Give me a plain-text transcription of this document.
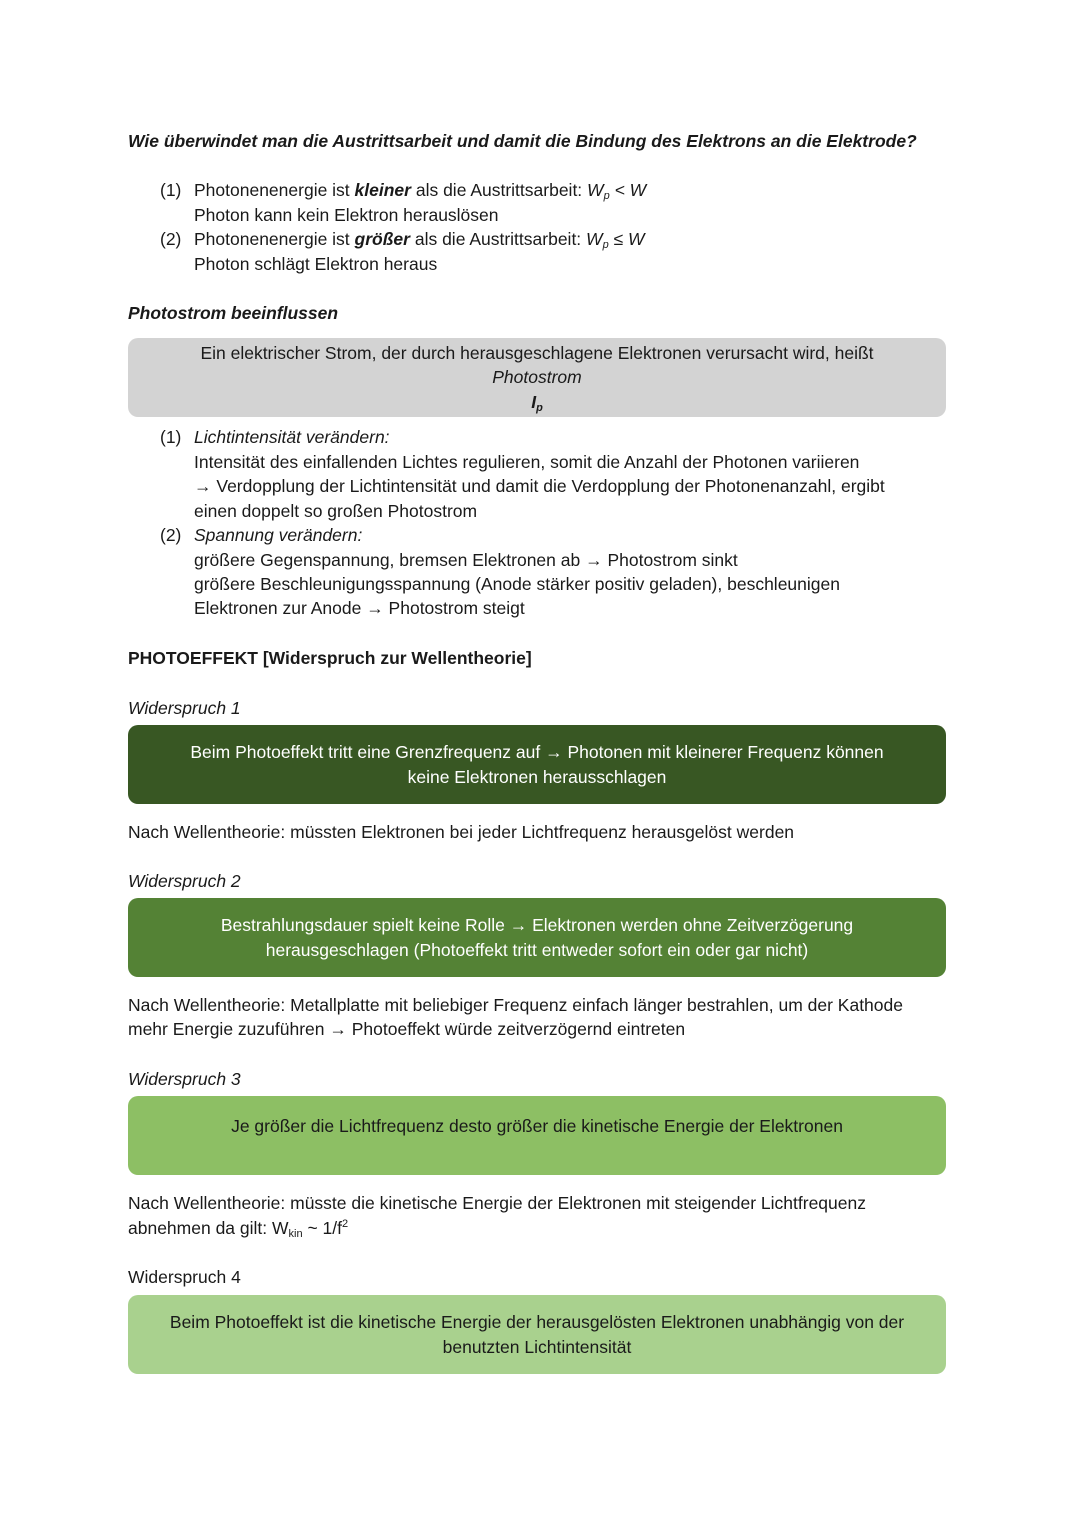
Wie überwindet man die Austrittsarbeit und damit die Bindung des Elektrons an die Elektrode?
(1) Photonenenergie ist kleiner als die Austrittsarbeit: $W_p < W$
Photon kann kein Elektron herauslösen
(2) Photonenenergie ist größer als die Austrittsarbeit: $W_p \le W$
Photon schlägt Elektron heraus
Photostrom beeinflussen
Ein elektrischer Strom, der durch herausgeschlagene Elektronen verursacht wird, heißt
Photostrom
$I_p$
(1) Lichtintensität verändern:
Intensität des einfallenden Lichtes regulieren, somit die Anzahl der Photonen variieren
→ Verdopplung der Lichtintensität und damit die Verdopplung der Photonenanzahl, ergibt
einen doppelt so großen Photostrom
(2) Spannung verändern:
größere Gegenspannung, bremsen Elektronen ab → Photostrom sinkt
größere Beschleunigungsspannung (Anode stärker positiv geladen), beschleunigen
Elektronen zur Anode → Photostrom steigt
PHOTOEFFEKT [Widerspruch zur Wellentheorie]
Widerspruch 1
Beim Photoeffekt tritt eine Grenzfrequenz auf → Photonen mit kleinerer Frequenz können
keine Elektronen herausschlagen
Nach Wellentheorie: müssten Elektronen bei jeder Lichtfrequenz herausgelöst werden
Widerspruch 2
Bestrahlungsdauer spielt keine Rolle → Elektronen werden ohne Zeitverzögerung
herausgeschlagen (Photoeffekt tritt entweder sofort ein oder gar nicht)
Nach Wellentheorie: Metallplatte mit beliebiger Frequenz einfach länger bestrahlen, um der Kathode
mehr Energie zuzuführen → Photoeffekt würde zeitverzögernd eintreten
Widerspruch 3
Je größer die Lichtfrequenz desto größer die kinetische Energie der Elektronen
Nach Wellentheorie: müsste die kinetische Energie der Elektronen mit steigender Lichtfrequenz
abnehmen da gilt: $W_{kin}$ ~ $1/f^2$
Widerspruch 4
Beim Photoeffekt ist die kinetische Energie der herausgelösten Elektronen unabhängig von der
benutzten Lichtintensität
